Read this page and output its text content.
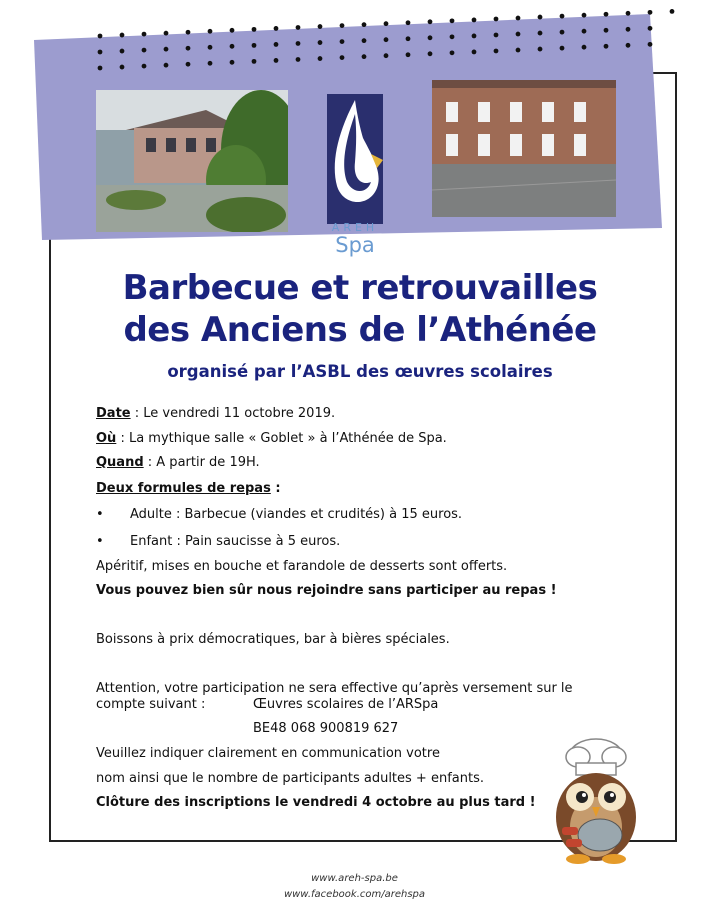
AREH
Spa
Barbecue et retrouvailles
des Anciens de l’Athénée
organisé par l’ASBL des œuvres scolaires
Date : Le vendredi 11 octobre 2019.
Où : La mythique salle « Goblet » à l’Athénée de Spa.
Quand : A partir de 19H.
Deux formules de repas :
• Adulte : Barbecue (viandes et crudités) à 15 euros.
• Enfant : Pain saucisse à 5 euros.
Apéritif, mises en bouche et farandole de desserts sont offerts.
Vous pouvez bien sûr nous rejoindre sans participer au repas !
Boissons à prix démocratiques, bar à bières spéciales.
Attention, votre participation ne sera effective qu’après versement sur le
compte suivant :	Œuvres scolaires de l’ARSpa
BE48 068 900819 627
Veuillez indiquer clairement en communication votre
nom ainsi que le nombre de participants adultes + enfants.
Clôture des inscriptions le vendredi 4 octobre au plus tard !
www.areh-spa.be
www.facebook.com/arehspa
